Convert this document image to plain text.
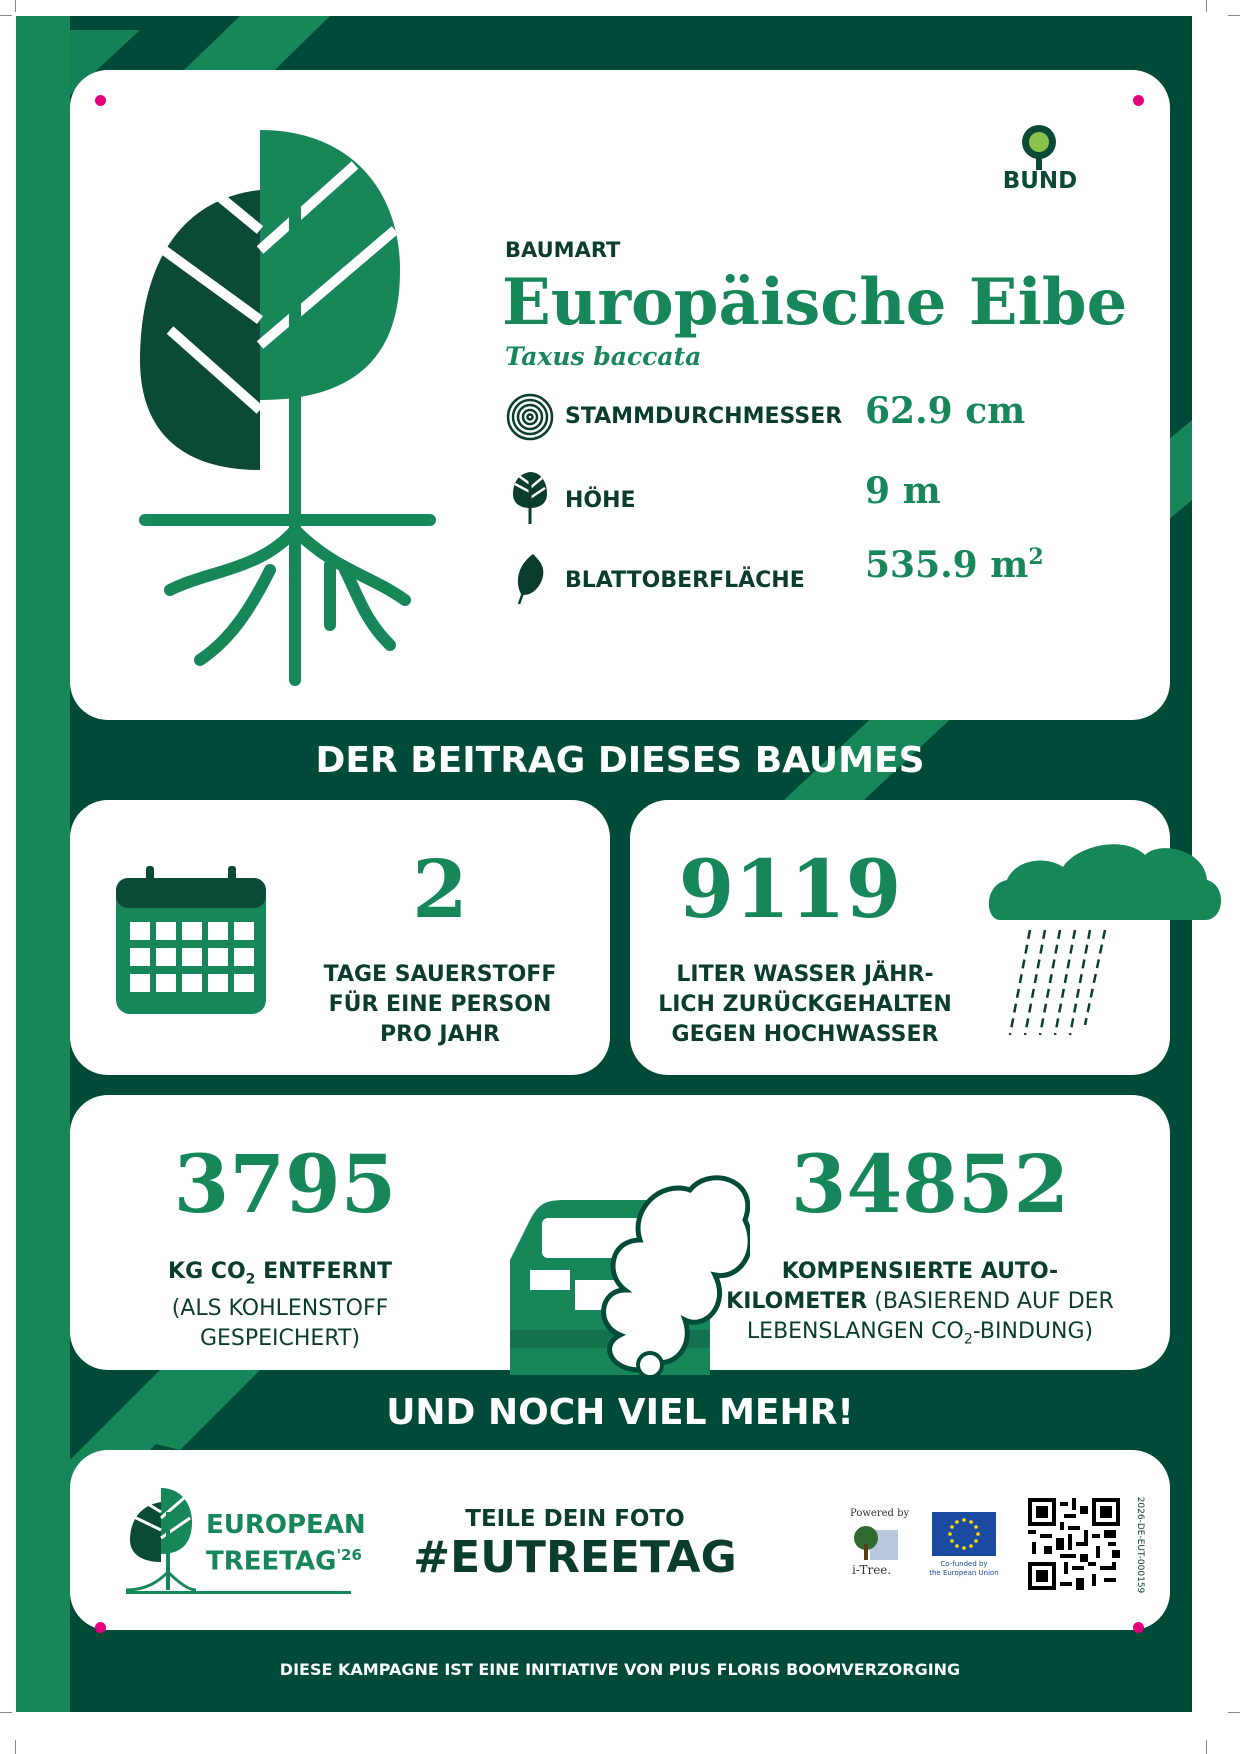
BUND
BAUMART
Europäische Eibe
Taxus baccata
STAMMDURCHMESSER 62.9 cm
HÖHE	9 m
BLATTOBERFLÄCHE 535.9 $m^2$
DER BEITRAG DIESES BAUMES
2
TAGE SAUERSTOFF
FÜR EINE PERSON
PRO JAHR
9119
LITER WASSER JÄHR-
LICH ZURÜCKGEHALTEN
GEGEN HOCHWASSER
3795
KG $CO_2$ ENTFERNT
(ALS KOHLENSTOFF
GESPEICHERT)
34852
KOMPENSIERTE AUTO-
KILOMETER (BASIEREND AUF DER
LEBENSLANGEN $CO_2-BINDUNG$)
UND NOCH VIEL MEHR!
EUROPEAN
$TREETAG^{'26}$
TEILE DEIN FOTO
#EUTREETAG
Powered by
i-Tree.	Co-funded by
the European Union	2026-DE-EUT-000159
DIESE KAMPAGNE IST EINE INITIATIVE VON PIUS FLORIS BOOMVERZORGING
